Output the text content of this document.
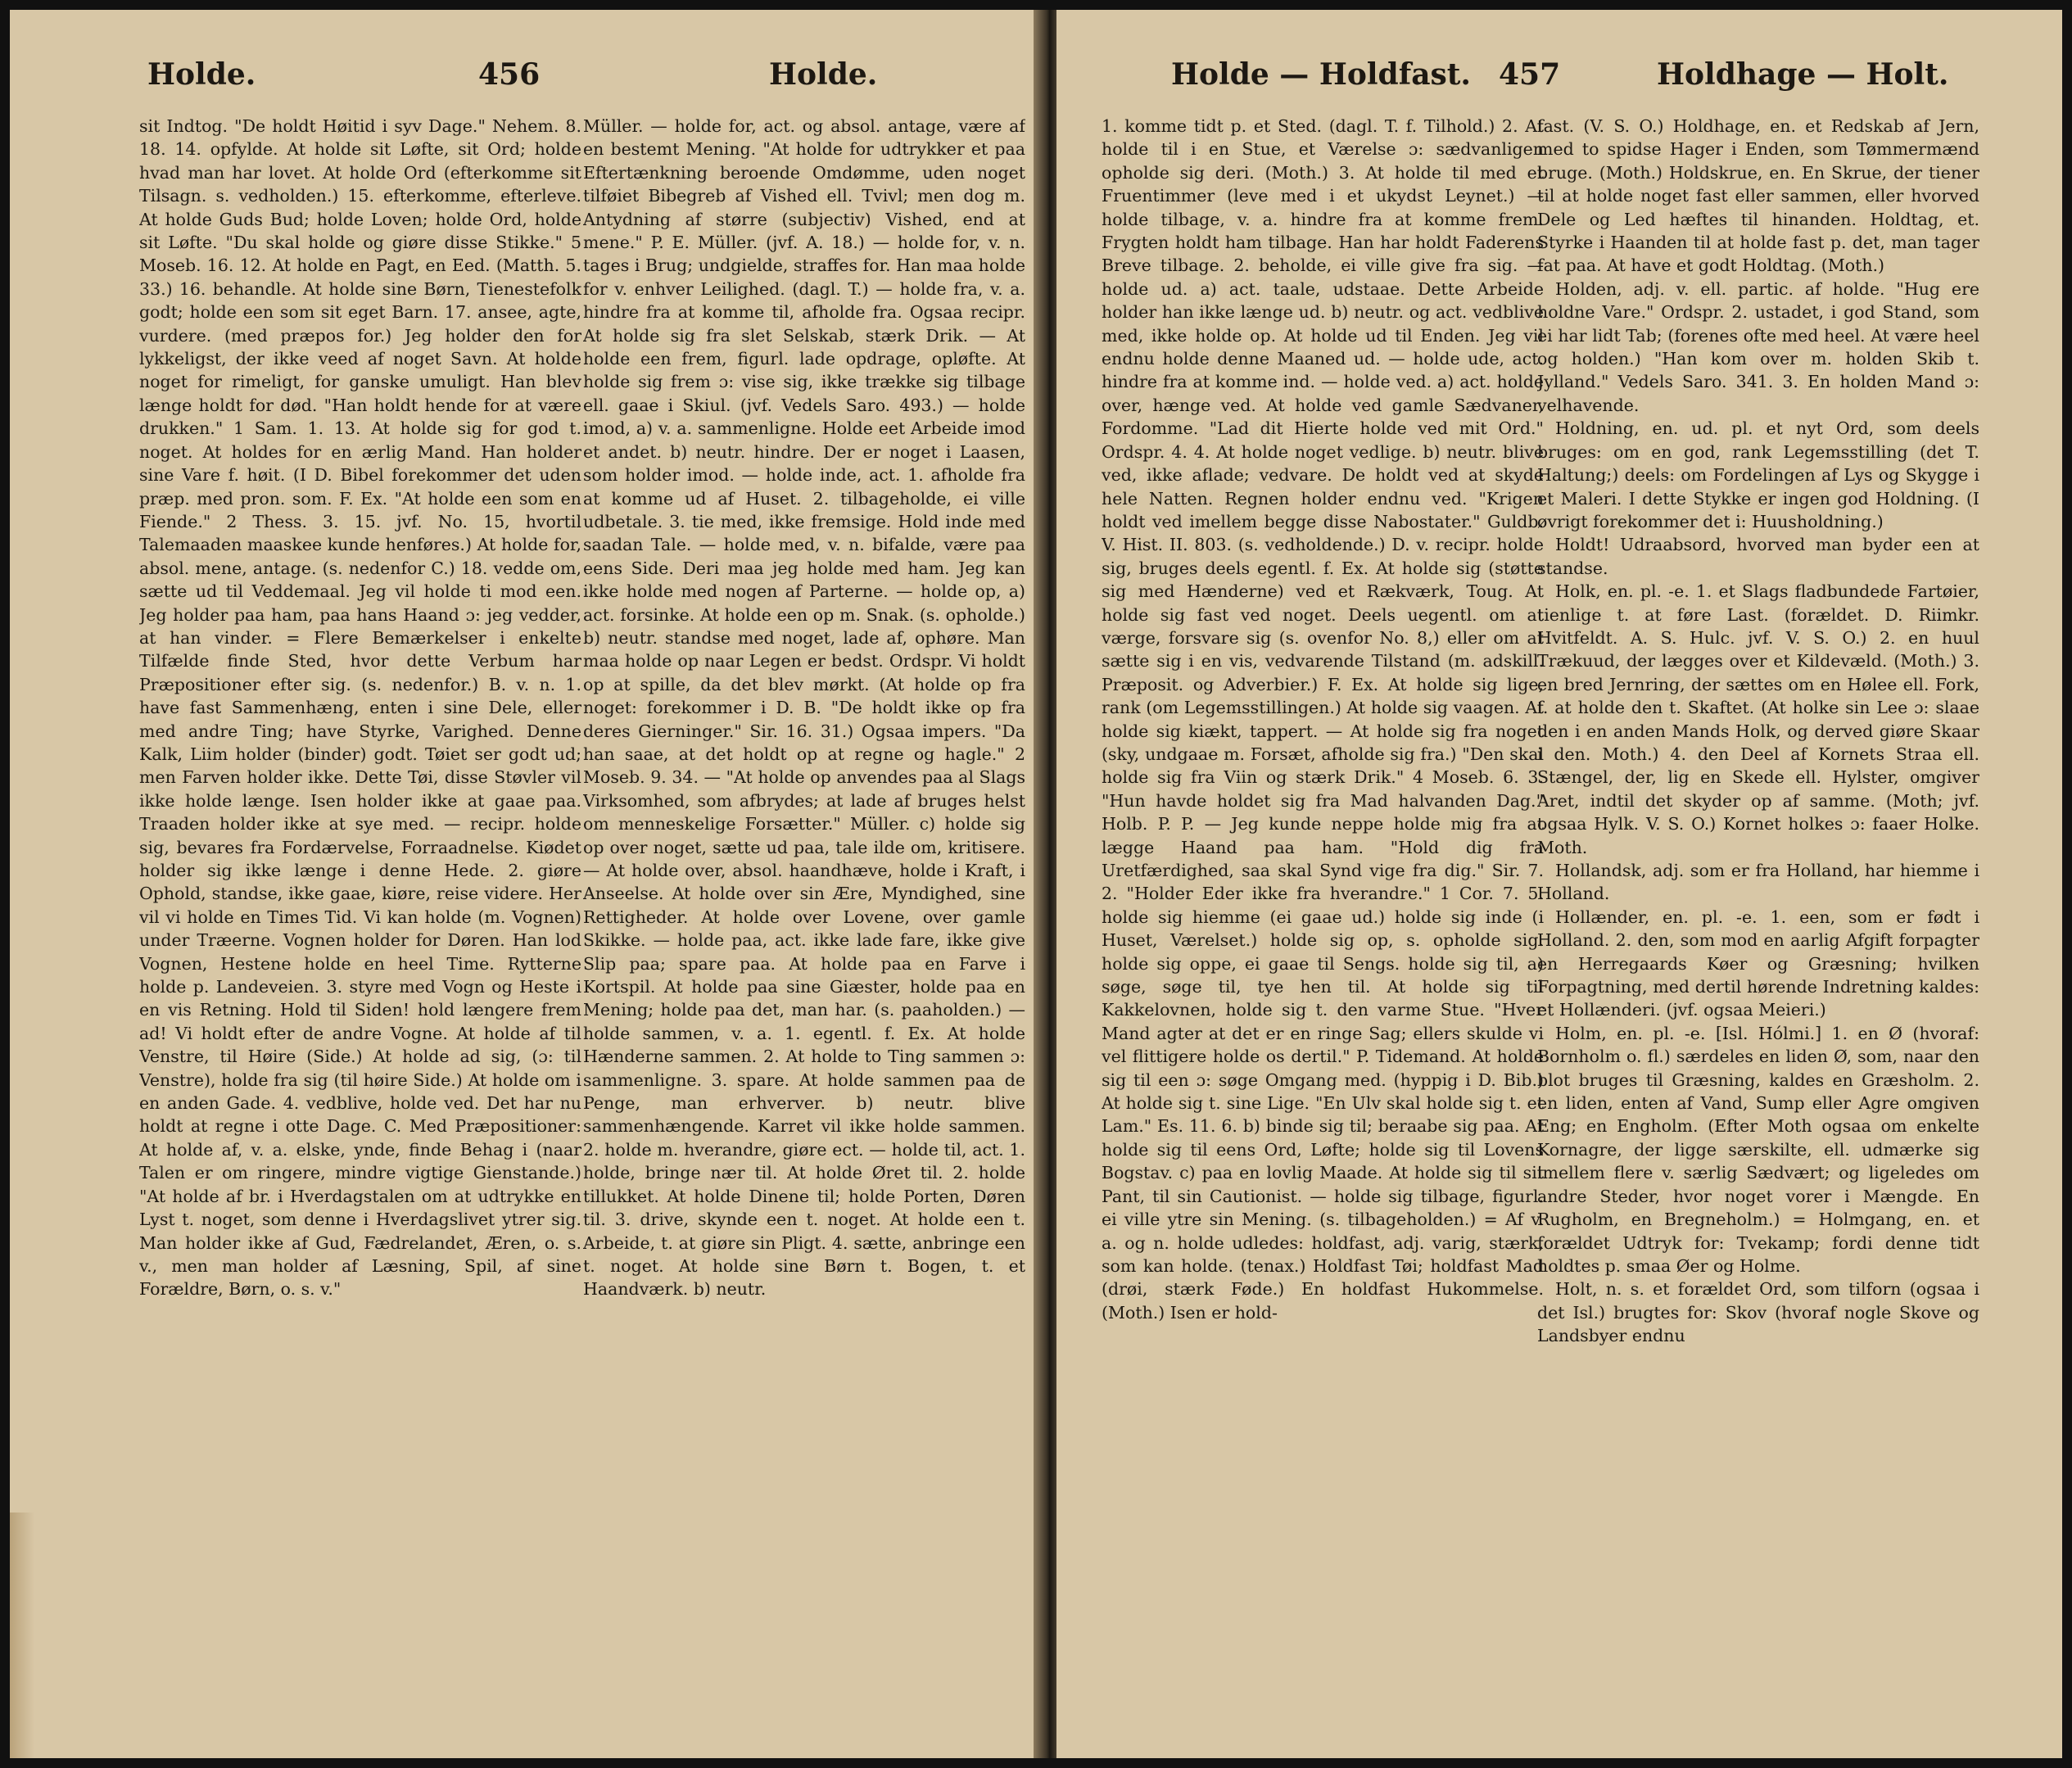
Holde.	456	Holde.

sit Indtog. "De holdt Høitid i syv Dage." Nehem. 8. 18. 14. opfylde. At holde sit Løfte, sit Ord; holde hvad man har lovet. At holde Ord (efterkomme sit Tilsagn. s. vedholden.) 15. efterkomme, efterleve. At holde Guds Bud; holde Loven; holde Ord, holde sit Løfte. "Du skal holde og giøre disse Stikke." 5 Moseb. 16. 12. At holde en Pagt, en Eed. (Matth. 5. 33.) 16. behandle. At holde sine Børn, Tienestefolk godt; holde een som sit eget Barn. 17. ansee, agte, vurdere. (med præpos for.) Jeg holder den for lykkeligst, der ikke veed af noget Savn. At holde noget for rimeligt, for ganske umuligt. Han blev længe holdt for død. "Han holdt hende for at være drukken." 1 Sam. 1. 13. At holde sig for god t. noget. At holdes for en ærlig Mand. Han holder sine Vare f. høit. (I D. Bibel forekommer det uden præp. med pron. som. F. Ex. "At holde een som en Fiende." 2 Thess. 3. 15. jvf. No. 15, hvortil Talemaaden maaskee kunde henføres.) At holde for, absol. mene, antage. (s. nedenfor C.) 18. vedde om, sætte ud til Veddemaal. Jeg vil holde ti mod een. Jeg holder paa ham, paa hans Haand ɔ: jeg vedder, at han vinder. = Flere Bemærkelser i enkelte Tilfælde finde Sted, hvor dette Verbum har Præpositioner efter sig. (s. nedenfor.) B. v. n. 1. have fast Sammenhæng, enten i sine Dele, eller med andre Ting; have Styrke, Varighed. Denne Kalk, Liim holder (binder) godt. Tøiet ser godt ud; men Farven holder ikke. Dette Tøi, disse Støvler vil ikke holde længe. Isen holder ikke at gaae paa. Traaden holder ikke at sye med. — recipr. holde sig, bevares fra Fordærvelse, Forraadnelse. Kiødet holder sig ikke længe i denne Hede. 2. giøre Ophold, standse, ikke gaae, kiøre, reise videre. Her vil vi holde en Times Tid. Vi kan holde (m. Vognen) under Træerne. Vognen holder for Døren. Han lod Vognen, Hestene holde en heel Time. Rytterne holde p. Landeveien. 3. styre med Vogn og Heste i en vis Retning. Hold til Siden! hold længere frem ad! Vi holdt efter de andre Vogne. At holde af til Venstre, til Høire (Side.) At holde ad sig, (ɔ: til Venstre), holde fra sig (til høire Side.) At holde om i en anden Gade. 4. vedblive, holde ved. Det har nu holdt at regne i otte Dage. C. Med Præpositioner: At holde af, v. a. elske, ynde, finde Behag i (naar Talen er om ringere, mindre vigtige Gienstande.) "At holde af br. i Hverdagstalen om at udtrykke en Lyst t. noget, som denne i Hverdagslivet ytrer sig. Man holder ikke af Gud, Fædrelandet, Æren, o. s. v., men man holder af Læsning, Spil, af sine Forældre, Børn, o. s. v."

Müller. — holde for, act. og absol. antage, være af en bestemt Mening. "At holde for udtrykker et paa Eftertænkning beroende Omdømme, uden noget tilføiet Bibegreb af Vished ell. Tvivl; men dog m. Antydning af større (subjectiv) Vished, end at mene." P. E. Müller. (jvf. A. 18.) — holde for, v. n. tages i Brug; undgielde, straffes for. Han maa holde for v. enhver Leilighed. (dagl. T.) — holde fra, v. a. hindre fra at komme til, afholde fra. Ogsaa recipr. At holde sig fra slet Selskab, stærk Drik. — At holde een frem, figurl. lade opdrage, opløfte. At holde sig frem ɔ: vise sig, ikke trække sig tilbage ell. gaae i Skiul. (jvf. Vedels Saro. 493.) — holde imod, a) v. a. sammenligne. Holde eet Arbeide imod et andet. b) neutr. hindre. Der er noget i Laasen, som holder imod. — holde inde, act. 1. afholde fra at komme ud af Huset. 2. tilbageholde, ei ville udbetale. 3. tie med, ikke fremsige. Hold inde med saadan Tale. — holde med, v. n. bifalde, være paa eens Side. Deri maa jeg holde med ham. Jeg kan ikke holde med nogen af Parterne. — holde op, a) act. forsinke. At holde een op m. Snak. (s. opholde.) b) neutr. standse med noget, lade af, ophøre. Man maa holde op naar Legen er bedst. Ordspr. Vi holdt op at spille, da det blev mørkt. (At holde op fra noget: forekommer i D. B. "De holdt ikke op fra deres Gierninger." Sir. 16. 31.) Ogsaa impers. "Da han saae, at det holdt op at regne og hagle." 2 Moseb. 9. 34. — "At holde op anvendes paa al Slags Virksomhed, som afbrydes; at lade af bruges helst om menneskelige Forsætter." Müller. c) holde sig op over noget, sætte ud paa, tale ilde om, kritisere. — At holde over, absol. haandhæve, holde i Kraft, i Anseelse. At holde over sin Ære, Myndighed, sine Rettigheder. At holde over Lovene, over gamle Skikke. — holde paa, act. ikke lade fare, ikke give Slip paa; spare paa. At holde paa en Farve i Kortspil. At holde paa sine Giæster, holde paa en Mening; holde paa det, man har. (s. paaholden.) — holde sammen, v. a. 1. egentl. f. Ex. At holde Hænderne sammen. 2. At holde to Ting sammen ɔ: sammenligne. 3. spare. At holde sammen paa de Penge, man erhverver. b) neutr. blive sammenhængende. Karret vil ikke holde sammen. 2. holde m. hverandre, giøre ect. — holde til, act. 1. holde, bringe nær til. At holde Øret til. 2. holde tillukket. At holde Dinene til; holde Porten, Døren til. 3. drive, skynde een t. noget. At holde een t. Arbeide, t. at giøre sin Pligt. 4. sætte, anbringe een t. noget. At holde sine Børn t. Bogen, t. et Haandværk. b) neutr.

Holde — Holdfast. 457	Holdhage — Holt.

1. komme tidt p. et Sted. (dagl. T. f. Tilhold.) 2. At holde til i en Stue, et Værelse ɔ: sædvanligen opholde sig deri. (Moth.) 3. At holde til med et Fruentimmer (leve med i et ukydst Leynet.) — holde tilbage, v. a. hindre fra at komme frem. Frygten holdt ham tilbage. Han har holdt Faderens Breve tilbage. 2. beholde, ei ville give fra sig. — holde ud. a) act. taale, udstaae. Dette Arbeide holder han ikke længe ud. b) neutr. og act. vedblive med, ikke holde op. At holde ud til Enden. Jeg vil endnu holde denne Maaned ud. — holde ude, act. hindre fra at komme ind. — holde ved. a) act. holde over, hænge ved. At holde ved gamle Sædvaner, Fordomme. "Lad dit Hierte holde ved mit Ord." Ordspr. 4. 4. At holde noget vedlige. b) neutr. blive ved, ikke aflade; vedvare. De holdt ved at skyde hele Natten. Regnen holder endnu ved. "Krigen holdt ved imellem begge disse Nabostater." Guldb. V. Hist. II. 803. (s. vedholdende.) D. v. recipr. holde sig, bruges deels egentl. f. Ex. At holde sig (støtte sig med Hænderne) ved et Rækværk, Toug. At holde sig fast ved noget. Deels uegentl. om at værge, forsvare sig (s. ovenfor No. 8,) eller om at sætte sig i en vis, vedvarende Tilstand (m. adskill. Præposit. og Adverbier.) F. Ex. At holde sig lige, rank (om Legemsstillingen.) At holde sig vaagen. At holde sig kiækt, tappert. — At holde sig fra noget (sky, undgaae m. Forsæt, afholde sig fra.) "Den skal holde sig fra Viin og stærk Drik." 4 Moseb. 6. 3. "Hun havde holdet sig fra Mad halvanden Dag." Holb. P. P. — Jeg kunde neppe holde mig fra at lægge Haand paa ham. "Hold dig fra Uretfærdighed, saa skal Synd vige fra dig." Sir. 7. 2. "Holder Eder ikke fra hverandre." 1 Cor. 7. 5. holde sig hiemme (ei gaae ud.) holde sig inde (i Huset, Værelset.) holde sig op, s. opholde sig. holde sig oppe, ei gaae til Sengs. holde sig til, a) søge, søge til, tye hen til. At holde sig til Kakkelovnen, holde sig t. den varme Stue. "Hver Mand agter at det er en ringe Sag; ellers skulde vi vel flittigere holde os dertil." P. Tidemand. At holde sig til een ɔ: søge Omgang med. (hyppig i D. Bib.) At holde sig t. sine Lige. "En Ulv skal holde sig t. et Lam." Es. 11. 6. b) binde sig til; beraabe sig paa. At holde sig til eens Ord, Løfte; holde sig til Lovens Bogstav. c) paa en lovlig Maade. At holde sig til sit Pant, til sin Cautionist. — holde sig tilbage, figurl. ei ville ytre sin Mening. (s. tilbageholden.) = Af v. a. og n. holde udledes: holdfast, adj. varig, stærk, som kan holde. (tenax.) Holdfast Tøi; holdfast Mad (drøi, stærk Føde.) En holdfast Hukommelse. (Moth.) Isen er hold-

fast. (V. S. O.) Holdhage, en. et Redskab af Jern, med to spidse Hager i Enden, som Tømmermænd bruge. (Moth.) Holdskrue, en. En Skrue, der tiener til at holde noget fast eller sammen, eller hvorved Dele og Led hæftes til hinanden. Holdtag, et. Styrke i Haanden til at holde fast p. det, man tager fat paa. At have et godt Holdtag. (Moth.)

Holden, adj. v. ell. partic. af holde. "Hug ere holdne Vare." Ordspr. 2. ustadet, i god Stand, som ei har lidt Tab; (forenes ofte med heel. At være heel og holden.) "Han kom over m. holden Skib t. Jylland." Vedels Saro. 341. 3. En holden Mand ɔ: velhavende.

Holdning, en. ud. pl. et nyt Ord, som deels bruges: om en god, rank Legemsstilling (det T. Haltung;) deels: om Fordelingen af Lys og Skygge i et Maleri. I dette Stykke er ingen god Holdning. (I øvrigt forekommer det i: Huusholdning.)

Holdt! Udraabsord, hvorved man byder een at standse.

Holk, en. pl. -e. 1. et Slags fladbundede Fartøier, tienlige t. at føre Last. (forældet. D. Riimkr. Hvitfeldt. A. S. Hulc. jvf. V. S. O.) 2. en huul Trækuud, der lægges over et Kildevæld. (Moth.) 3. en bred Jernring, der sættes om en Hølee ell. Fork, f. at holde den t. Skaftet. (At holke sin Lee ɔ: slaae den i en anden Mands Holk, og derved giøre Skaar i den. Moth.) 4. den Deel af Kornets Straa ell. Stængel, der, lig en Skede ell. Hylster, omgiver Aret, indtil det skyder op af samme. (Moth; jvf. ogsaa Hylk. V. S. O.) Kornet holkes ɔ: faaer Holke. Moth.

Hollandsk, adj. som er fra Holland, har hiemme i Holland.

Hollænder, en. pl. -e. 1. een, som er født i Holland. 2. den, som mod en aarlig Afgift forpagter en Herregaards Køer og Græsning; hvilken Forpagtning, med dertil hørende Indretning kaldes: et Hollænderi. (jvf. ogsaa Meieri.)

Holm, en. pl. -e. [Isl. Hólmi.] 1. en Ø (hvoraf: Bornholm o. fl.) særdeles en liden Ø, som, naar den blot bruges til Græsning, kaldes en Græsholm. 2. en liden, enten af Vand, Sump eller Agre omgiven Eng; en Engholm. (Efter Moth ogsaa om enkelte Kornagre, der ligge særskilte, ell. udmærke sig imellem flere v. særlig Sædvært; og ligeledes om andre Steder, hvor noget vorer i Mængde. En Rugholm, en Bregneholm.) = Holmgang, en. et forældet Udtryk for: Tvekamp; fordi denne tidt holdtes p. smaa Øer og Holme.

Holt, n. s. et forældet Ord, som tilforn (ogsaa i det Isl.) brugtes for: Skov (hvoraf nogle Skove og Landsbyer endnu
